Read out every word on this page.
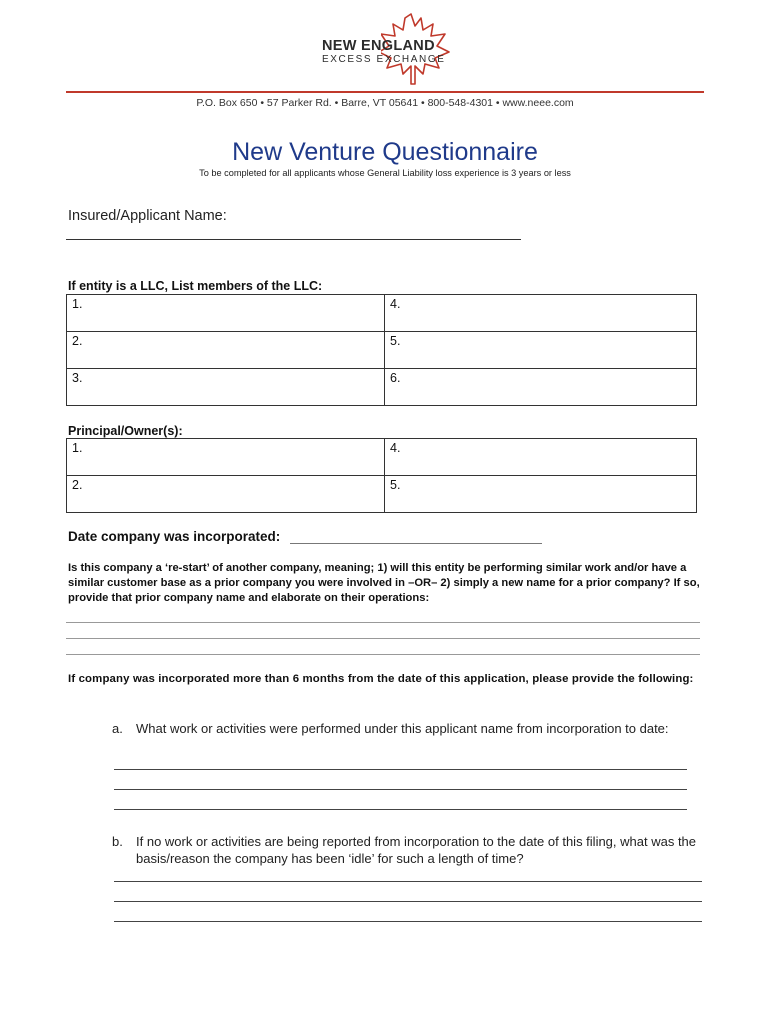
NEW ENGLAND
EXCESS EXCHANGE
P.O. Box 650 • 57 Parker Rd. • Barre, VT 05641 • 800-548-4301 • www.neee.com
New Venture Questionnaire
To be completed for all applicants whose General Liability loss experience is 3 years or less
Insured/Applicant Name:
If entity is a LLC, List members of the LLC:
1.	4.
2.	5.
3.	6.
Principal/Owner(s):
1.	4.
2.	5.
Date company was incorporated:
Is this company a ‘re-start’ of another company, meaning; 1) will this entity be performing similar work and/or have a similar customer base as a prior company you were involved in –OR– 2) simply a new name for a prior company? If so, provide that prior company name and elaborate on their operations:
If company was incorporated more than 6 months from the date of this application, please provide the following:
a. What work or activities were performed under this applicant name from incorporation to date:
b. If no work or activities are being reported from incorporation to the date of this filing, what was the basis/reason the company has been ‘idle’ for such a length of time?
